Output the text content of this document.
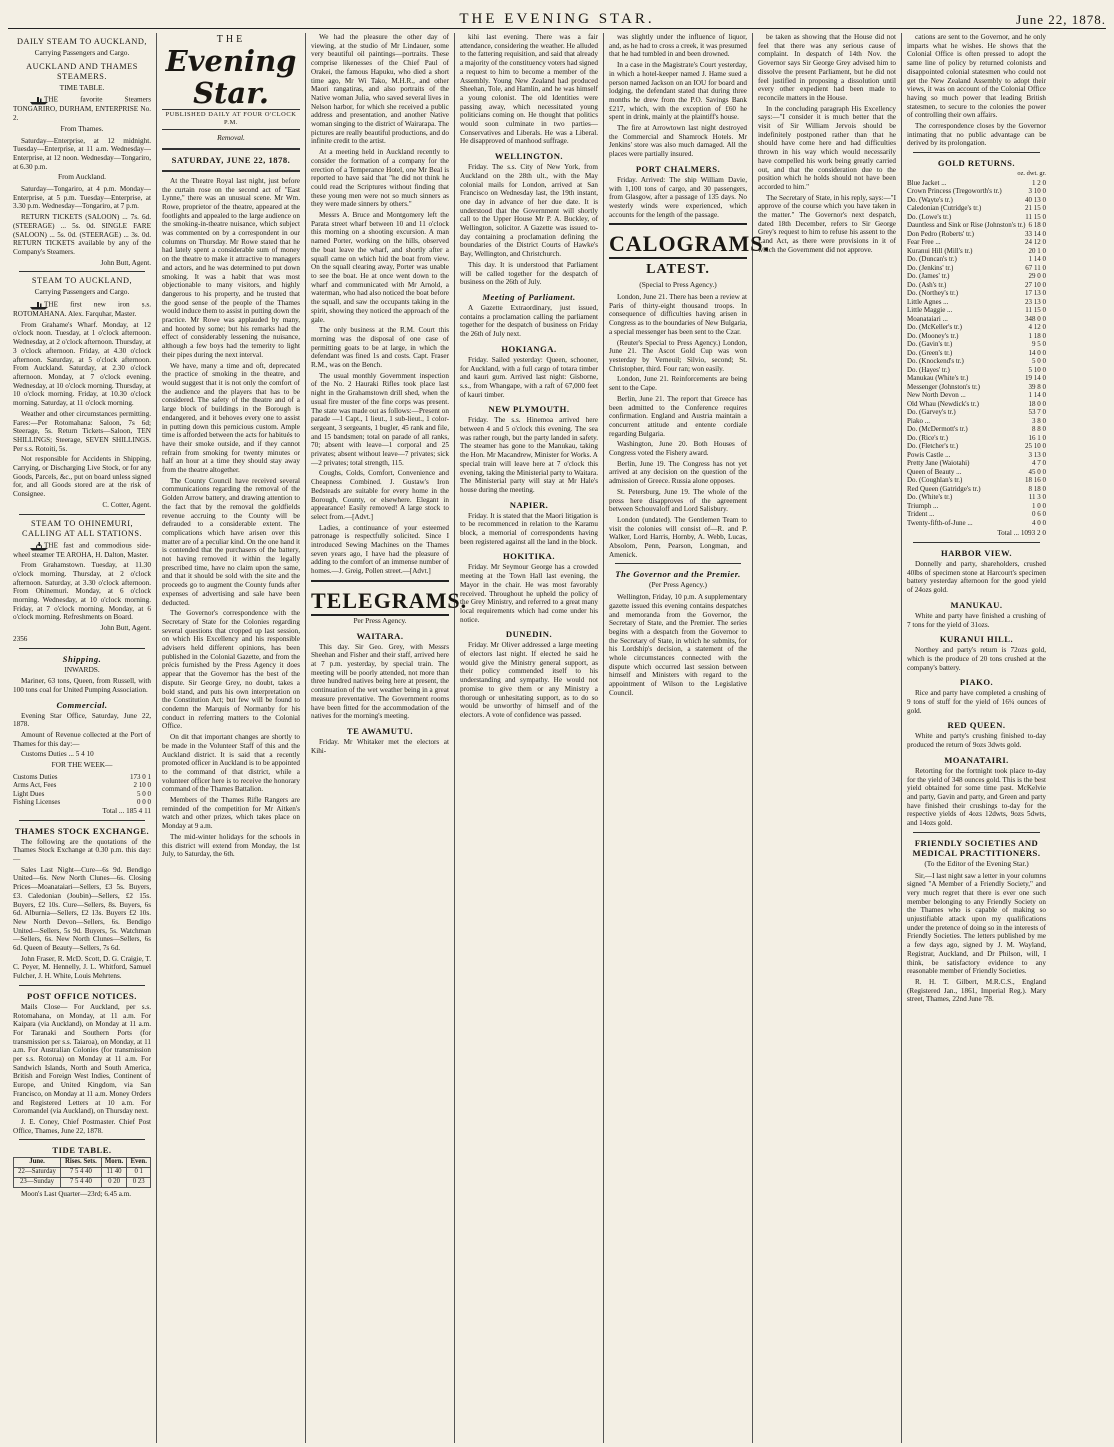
THE EVENING STAR.	June 22, 1878.
DAILY STEAM TO AUCKLAND,
Carrying Passengers and Cargo.
AUCKLAND AND THAMES STEAMERS.
TIME TABLE.

THE favorite Steamers TONGARIRO, DURHAM, ENTERPRISE No. 2.

From Thames.

Saturday—Enterprise, at 12 midnight. Tuesday—Enterprise, at 11 a.m. Wednesday—Enterprise, at 12 noon. Wednesday—Tongariro, at 6.30 p.m.

From Auckland.

Saturday—Tongariro, at 4 p.m. Monday—Enterprise, at 5 p.m. Tuesday—Enterprise, at 3.30 p.m. Wednesday—Tongariro, at 7 p.m.

RETURN TICKETS (SALOON) ... 7s. 6d. (STEERAGE) ... 5s. 0d. SINGLE FARE (SALOON) ... 5s. 0d. (STEERAGE) ... 3s. 0d. RETURN TICKETS available by any of the Company's Steamers.

John Butt, Agent.

STEAM TO AUCKLAND,
Carrying Passengers and Cargo.

THE first new iron s.s. ROTOMAHANA. Alex. Farquhar, Master.

From Grahame's Wharf. Monday, at 12 o'clock noon. Tuesday, at 1 o'clock afternoon. Wednesday, at 2 o'clock afternoon. Thursday, at 3 o'clock afternoon. Friday, at 4.30 o'clock afternoon. Saturday, at 5 o'clock afternoon. From Auckland. Saturday, at 2.30 o'clock afternoon. Monday, at 7 o'clock evening. Wednesday, at 10 o'clock morning. Thursday, at 10 o'clock morning. Friday, at 10.30 o'clock morning. Saturday, at 11 o'clock morning.

Weather and other circumstances permitting. Fares:—Per Rotomahana: Saloon, 7s 6d; Steerage, 5s. Return Tickets—Saloon, TEN SHILLINGS; Steerage, SEVEN SHILLINGS. Per s.s. Rotoiti, 5s.

Not responsible for Accidents in Shipping, Carrying, or Discharging Live Stock, or for any Goods, Parcels, &c., put on board unless signed for, and all Goods stored are at the risk of Consignee.

C. Cotter, Agent.

STEAM TO OHINEMURI, CALLING AT ALL STATIONS.

THE fast and commodious side-wheel steamer TE AROHA, H. Dalton, Master.

From Grahamstown. Tuesday, at 11.30 o'clock morning. Thursday, at 2 o'clock afternoon. Saturday, at 3.30 o'clock afternoon. From Ohinemuri. Monday, at 6 o'clock morning. Wednesday, at 10 o'clock morning. Friday, at 7 o'clock morning. Monday, at 6 o'clock morning. Refreshments on Board.

John Butt, Agent.

2356

Shipping.
INWARDS.

Mariner, 63 tons, Queen, from Russell, with 100 tons coal for United Pumping Association.

Commercial.

Evening Star Office, Saturday, June 22, 1878.

Amount of Revenue collected at the Port of Thames for this day:—

Customs Duties ... 5 4 10

FOR THE WEEK—
Customs Duties	173 0 1
Arms Act, Fees	2 10 0
Light Dues	5 0 0
Fishing Licenses	0 0 0

Total ... 185 4 11

THAMES STOCK EXCHANGE.

The following are the quotations of the Thames Stock Exchange at 0.30 p.m. this day:—

Sales Last Night—Cure—6s 9d. Bendigo United—6s. New North Clunes—6s. Closing Prices—Moanataiari—Sellers, £3 5s. Buyers, £3. Caledonian (Joubin)—Sellers, £2 15s. Buyers, £2 10s. Cure—Sellers, 8s. Buyers, 6s 6d. Alburnia—Sellers, £2 13s. Buyers £2 10s. New North Devon—Sellers, 6s. Bendigo United—Sellers, 5s 9d. Buyers, 5s. Watchman—Sellers, 6s. New North Clunes—Sellers, 6s 6d. Queen of Beauty—Sellers, 7s 6d.

John Fraser, R. McD. Scott, D. G. Craigie, T. C. Peyer, M. Hennelly, J. L. Whitford, Samuel Fulcher, J. H. White, Louis Mehrtens.

POST OFFICE NOTICES.

Mails Close— For Auckland, per s.s. Rotomahana, on Monday, at 11 a.m. For Kaipara (via Auckland), on Monday at 11 a.m. For Taranaki and Southern Ports (for transmission per s.s. Taiaroa), on Monday, at 11 a.m. For Australian Colonies (for transmission per s.s. Rotorua) on Monday at 11 a.m. For Sandwich Islands, North and South America, British and Foreign West Indies, Continent of Europe, and United Kingdom, via San Francisco, on Monday at 11 a.m. Money Orders and Registered Letters at 10 a.m. For Coromandel (via Auckland), on Thursday next.

J. E. Coney, Chief Postmaster. Chief Post Office, Thames, June 22, 1878.

TIDE TABLE.
June.	Rises. Sets.	Morn.	Even.
22—Saturday	7 5 4 40	11 40	0 1
23—Sunday	7 5 4 40	0 20	0 23

Moon's Last Quarter—23rd; 6.45 a.m.

THE
Evening Star.
PUBLISHED DAILY AT FOUR O'CLOCK P.M.
Removal.
SATURDAY, JUNE 22, 1878.

At the Theatre Royal last night, just before the curtain rose on the second act of "East Lynne," there was an unusual scene. Mr Wm. Rowe, proprietor of the theatre, appeared at the footlights and appealed to the large audience on the smoking-in-theatre nuisance, which subject was commented on by a correspondent in our columns on Thursday. Mr Rowe stated that he had lately spent a considerable sum of money on the theatre to make it attractive to managers and actors, and he was determined to put down smoking. It was a habit that was most objectionable to many visitors, and highly dangerous to his property, and he trusted that the good sense of the people of the Thames would induce them to assist in putting down the practice. Mr Rowe was applauded by many, and hooted by some; but his remarks had the effect of considerably lessening the nuisance, although a few boys had the temerity to light their pipes during the next interval.

We have, many a time and oft, deprecated the practice of smoking in the theatre, and would suggest that it is not only the comfort of the audience and the players that has to be considered. The safety of the theatre and of a large block of buildings in the Borough is endangered, and it behoves every one to assist in putting down this pernicious custom. Ample time is afforded between the acts for habitués to have their smoke outside, and if they cannot refrain from smoking for twenty minutes or half an hour at a time they should stay away from the theatre altogether.

The County Council have received several communications regarding the removal of the Golden Arrow battery, and drawing attention to the fact that by the removal the goldfields revenue accruing to the County will be defrauded to a considerable extent. The complications which have arisen over this matter are of a peculiar kind. On the one hand it is contended that the purchasers of the battery, not having removed it within the legally prescribed time, have no claim upon the same, and that it should be sold with the site and the proceeds go to augment the County funds after expenses of advertising and sale have been deducted.

The Governor's correspondence with the Secretary of State for the Colonies regarding several questions that cropped up last session, on which His Excellency and his responsible advisers held different opinions, has been published in the Colonial Gazette, and from the précis furnished by the Press Agency it does appear that the Governor has the best of the dispute. Sir George Grey, no doubt, takes a bold stand, and puts his own interpretation on the Constitution Act; but few will be found to condemn the Marquis of Normanby for his conduct in referring matters to the Colonial Office.

On dit that important changes are shortly to be made in the Volunteer Staff of this and the Auckland district. It is said that a recently promoted officer in Auckland is to be appointed to the command of that district, while a volunteer officer here is to receive the honorary command of the Thames Battalion.

Members of the Thames Rifle Rangers are reminded of the competition for Mr Aitken's watch and other prizes, which takes place on Monday at 9 a.m.

The mid-winter holidays for the schools in this district will extend from Monday, the 1st July, to Saturday, the 6th.

We had the pleasure the other day of viewing, at the studio of Mr Lindauer, some very beautiful oil paintings—portraits. These comprise likenesses of the Chief Paul of Orakei, the famous Hapuku, who died a short time ago, Mr Wi Tako, M.H.R., and other Maori rangatiras, and also portraits of the Native woman Julia, who saved several lives in Nelson harbor, for which she received a public address and presentation, and another Native woman singing to the district of Wairarapa. The pictures are really beautiful productions, and do infinite credit to the artist.

At a meeting held in Auckland recently to consider the formation of a company for the erection of a Temperance Hotel, one Mr Beal is reported to have said that "he did not think he could read the Scriptures without finding that these young men were not so much sinners as they were made sinners by others."

Messrs A. Bruce and Montgomery left the Parata street wharf between 10 and 11 o'clock this morning on a shooting excursion. A man named Porter, working on the hills, observed the boat leave the wharf, and shortly after a squall came on which hid the boat from view. On the squall clearing away, Porter was unable to see the boat. He at once went down to the wharf and communicated with Mr Arnold, a waterman, who had also noticed the boat before the squall, and saw the occupants taking in the spirit, showing they noticed the approach of the gale.

The only business at the R.M. Court this morning was the disposal of one case of permitting goats to be at large, in which the defendant was fined 1s and costs. Capt. Fraser R.M., was on the Bench.

The usual monthly Government inspection of the No. 2 Hauraki Rifles took place last night in the Grahamstown drill shed, when the usual fire muster of the fine corps was present. The state was made out as follows:—Present on parade —1 Capt., 1 lieut., 1 sub-lieut., 1 color-sergeant, 3 sergeants, 1 bugler, 45 rank and file, and 15 bandsmen; total on parade of all ranks, 70; absent with leave—1 corporal and 25 privates; absent without leave—7 privates; sick—2 privates; total strength, 115.

Coughs, Colds, Comfort, Convenience and Cheapness Combined. J. Gustaw's Iron Bedsteads are suitable for every home in the Borough, County, or elsewhere. Elegant in appearance! Easily removed! A large stock to select from.—[Advt.]

Ladies, a continuance of your esteemed patronage is respectfully solicited. Since I introduced Sewing Machines on the Thames seven years ago, I have had the pleasure of adding to the comfort of an immense number of homes.—J. Greig, Pollen street.—[Advt.]

TELEGRAMS.
Per Press Agency.
WAITARA.

This day. Sir Geo. Grey, with Messrs Sheehan and Fisher and their staff, arrived here at 7 p.m. yesterday, by special train. The meeting will be poorly attended, not more than three hundred natives being here at present, the continuation of the wet weather being in a great measure preventative. The Government rooms have been fitted for the accommodation of the natives for the morning's meeting.

TE AWAMUTU.

Friday. Mr Whitaker met the electors at Kihi-

kihi last evening. There was a fair attendance, considering the weather. He alluded to the fattering requisition, and said that already a majority of the constituency voters had signed a request to him to become a member of the Assembly. Young New Zealand had produced Sheehan, Tole, and Hamlin, and he was himself a young colonist. The old Identities were passing away, which necessitated young politicians coming on. He thought that politics would soon culminate in two parties—Conservatives and Liberals. He was a Liberal. He disapproved of manhood suffrage.

WELLINGTON.

Friday. The s.s. City of New York, from Auckland on the 28th ult., with the May colonial mails for London, arrived at San Francisco on Wednesday last, the 19th instant, one day in advance of her due date. It is understood that the Government will shortly call to the Upper House Mr P. A. Buckley, of Wellington, solicitor. A Gazette was issued to-day containing a proclamation defining the boundaries of the District Courts of Hawke's Bay, Wellington, and Christchurch.

This day. It is understood that Parliament will be called together for the despatch of business on the 26th of July.

Meeting of Parliament.

A Gazette Extraordinary, just issued, contains a proclamation calling the parliament together for the despatch of business on Friday the 26th of July next.

HOKIANGA.

Friday. Sailed yesterday: Queen, schooner, for Auckland, with a full cargo of totara timber and kauri gum. Arrived last night: Gisborne, s.s., from Whangape, with a raft of 67,000 feet of kauri timber.

NEW PLYMOUTH.

Friday. The s.s. Hinemoa arrived here between 4 and 5 o'clock this evening. The sea was rather rough, but the party landed in safety. The steamer has gone to the Manukau, taking the Hon. Mr Macandrew, Minister for Works. A special train will leave here at 7 o'clock this evening, taking the Ministerial party to Waitara. The Ministerial party will stay at Mr Hale's house during the meeting.

NAPIER.

Friday. It is stated that the Maori litigation is to be recommenced in relation to the Karamu block, a memorial of correspondents having been registered against all the land in the block.

HOKITIKA.

Friday. Mr Seymour George has a crowded meeting at the Town Hall last evening, the Mayor in the chair. He was most favorably received. Throughout he upheld the policy of the Grey Ministry, and referred to a great many local requirements which had come under his notice.

DUNEDIN.

Friday. Mr Oliver addressed a large meeting of electors last night. If elected he said he would give the Ministry general support, as their policy commended itself to his understanding and sympathy. He would not promise to give them or any Ministry a thorough or unhesitating support, as to do so would be unworthy of himself and of the electors. A vote of confidence was passed.

was slightly under the influence of liquor, and, as he had to cross a creek, it was presumed that he had tumbled in and been drowned.

In a case in the Magistrate's Court yesterday, in which a hotel-keeper named J. Hame sued a person named Jackson on an IOU for board and lodging, the defendant stated that during three months he drew from the P.O. Savings Bank £217, which, with the exception of £60 he spent in drink, mainly at the plaintiff's house.

The fire at Arrowtown last night destroyed the Commercial and Shamrock Hotels. Mr Jenkins' store was also much damaged. All the places were partially insured.

PORT CHALMERS.

Friday. Arrived: The ship William Davie, with 1,100 tons of cargo, and 30 passengers, from Glasgow, after a passage of 135 days. No westerly winds were experienced, which accounts for the length of the passage.

CALOGRAMS.
LATEST.
(Special to Press Agency.)

London, June 21. There has been a review at Paris of thirty-eight thousand troops. In consequence of difficulties having arisen in Congress as to the boundaries of New Bulgaria, a special messenger has been sent to the Czar.

(Reuter's Special to Press Agency.) London, June 21. The Ascot Gold Cup was won yesterday by Verneuil; Silvio, second; St. Christopher, third. Four ran; won easily.

London, June 21. Reinforcements are being sent to the Cape.

Berlin, June 21. The report that Greece has been admitted to the Conference requires confirmation. England and Austria maintain a concurrent attitude and entente cordiale regarding Bulgaria.

Washington, June 20. Both Houses of Congress voted the Fishery award.

Berlin, June 19. The Congress has not yet arrived at any decision on the question of the admission of Greece. Russia alone opposes.

St. Petersburg, June 19. The whole of the press here disapproves of the agreement between Schouvaloff and Lord Salisbury.

London (undated). The Gentlemen Team to visit the colonies will consist of—R. and P. Walker, Lord Harris, Hornby, A. Webb, Lucas, Absolom, Penn, Pearson, Longman, and Amenick.

The Governor and the Premier.
(Per Press Agency.)

Wellington, Friday, 10 p.m. A supplementary gazette issued this evening contains despatches and memoranda from the Governor, the Secretary of State, and the Premier. The series begins with a despatch from the Governor to the Secretary of State, in which he submits, for his Lordship's decision, a statement of the whole circumstances connected with the dispute which occurred last session between himself and Ministers with regard to the appointment of Wilson to the Legislative Council.

be taken as showing that the House did not feel that there was any serious cause of complaint. In despatch of 14th Nov. the Governor says Sir George Grey advised him to dissolve the present Parliament, but he did not feel justified in proposing a dissolution until every other expedient had been made to reconcile matters in the House.

In the concluding paragraph His Excellency says:—"I consider it is much better that the visit of Sir William Jervois should be indefinitely postponed rather than that he should have come here and had difficulties thrown in his way which would necessarily have compelled his work being greatly carried out, and that the consideration due to the position which he holds should not have been accorded to him."

The Secretary of State, in his reply, says:—"I approve of the course which you have taken in the matter." The Governor's next despatch, dated 18th December, refers to Sir George Grey's request to him to refuse his assent to the Land Act, as there were provisions in it of which the Government did not approve.

cations are sent to the Governor, and he only imparts what he wishes. He shows that the Colonial Office is often pressed to adopt the same line of policy by returned colonists and disappointed colonial statesmen who could not get the New Zealand Assembly to adopt their views, it was on account of the Colonial Office having so much power that leading British statesmen, to secure to the colonies the power of controlling their own affairs.

The correspondence closes by the Governor intimating that no public advantage can be derived by its prolongation.

GOLD RETURNS.
oz. dwt. gr.
Blue Jacket ...	1 2 0
Crown Princess (Tregoworth's tr.)	3 10 0
Do. (Wayte's tr.)	40 13 0
Caledonian (Cutridge's tr.)	21 15 0
Do. (Lowe's tr.)	11 15 0
Dauntless and Sink or Rise (Johnston's tr.) 6 18 0
Don Pedro (Roberts' tr.)	33 14 0
Fear Free ...	24 12 0
Kuranui Hill (Mill's tr.)	20 1 0
Do. (Duncan's tr.)	1 14 0
Do. (Jenkins' tr.)	67 11 0
Do. (James' tr.)	29 0 0
Do. (Ash's tr.)	27 10 0
Do. (Northey's tr.)	17 13 0
Little Agnes ...	23 13 0
Little Maggie ...	11 15 0
Moanataiari ...	348 0 0
Do. (McKeller's tr.)	4 12 0
Do. (Mooney's tr.)	1 18 0
Do. (Gavin's tr.)	9 5 0
Do. (Green's tr.)	14 0 0
Do. (Knockend's tr.)	5 0 0
Do. (Hayes' tr.)	5 10 0
Manukau (White's tr.)	19 14 0
Messenger (Johnston's tr.)	39 8 0
New North Devon ...	1 14 0
Old Whau (Newdick's tr.)	18 0 0
Do. (Garvey's tr.)	53 7 0
Piako ...	3 8 0
Do. (McDermott's tr.)	8 8 0
Do. (Rice's tr.)	16 1 0
Do. (Fletcher's tr.)	25 10 0
Powis Castle ...	3 13 0
Pretty Jane (Waiotahi)	4 7 0
Queen of Beauty ...	45 0 0
Do. (Coughlan's tr.)	18 16 0
Red Queen (Gatridge's tr.)	8 18 0
Do. (White's tr.)	11 3 0
Triumph ...	1 0 0
Trident ...	0 6 0
Twenty-fifth-of-June ...	4 0 0

Total ... 1093 2 0

HARBOR VIEW.

Donnelly and party, shareholders, crushed 40lbs of specimen stone at Harcourt's specimen battery yesterday afternoon for the good yield of 24ozs gold.

MANUKAU.

White and party have finished a crushing of 7 tons for the yield of 31ozs.

KURANUI HILL.

Northey and party's return is 72ozs gold, which is the produce of 20 tons crushed at the company's battery.

PIAKO.

Rice and party have completed a crushing of 9 tons of stuff for the yield of 16¼ ounces of gold.

RED QUEEN.

White and party's crushing finished to-day produced the return of 9ozs 3dwts gold.

MOANATAIRI.

Retorting for the fortnight took place to-day for the yield of 348 ounces gold. This is the best yield obtained for some time past. McKelvie and party, Gavin and party, and Green and party have finished their crushings to-day for the respective yields of 4ozs 12dwts, 9ozs 5dwts, and 14ozs gold.

FRIENDLY SOCIETIES AND MEDICAL PRACTITIONERS.
(To the Editor of the Evening Star.)

Sir,—I last night saw a letter in your columns signed "A Member of a Friendly Society," and very much regret that there is ever one such member belonging to any Friendly Society on the Thames who is capable of making so unjustifiable attack upon my qualifications under the pretence of doing so in the interests of Friendly Societies. The letters published by me a few days ago, signed by J. M. Wayland, Registrar, Auckland, and Dr Philson, will, I think, be satisfactory evidence to any reasonable member of Friendly Societies.

R. H. T. Gilbert, M.R.C.S., England (Registered Jan., 1861, Imperial Reg.). Mary street, Thames, 22nd June '78.
